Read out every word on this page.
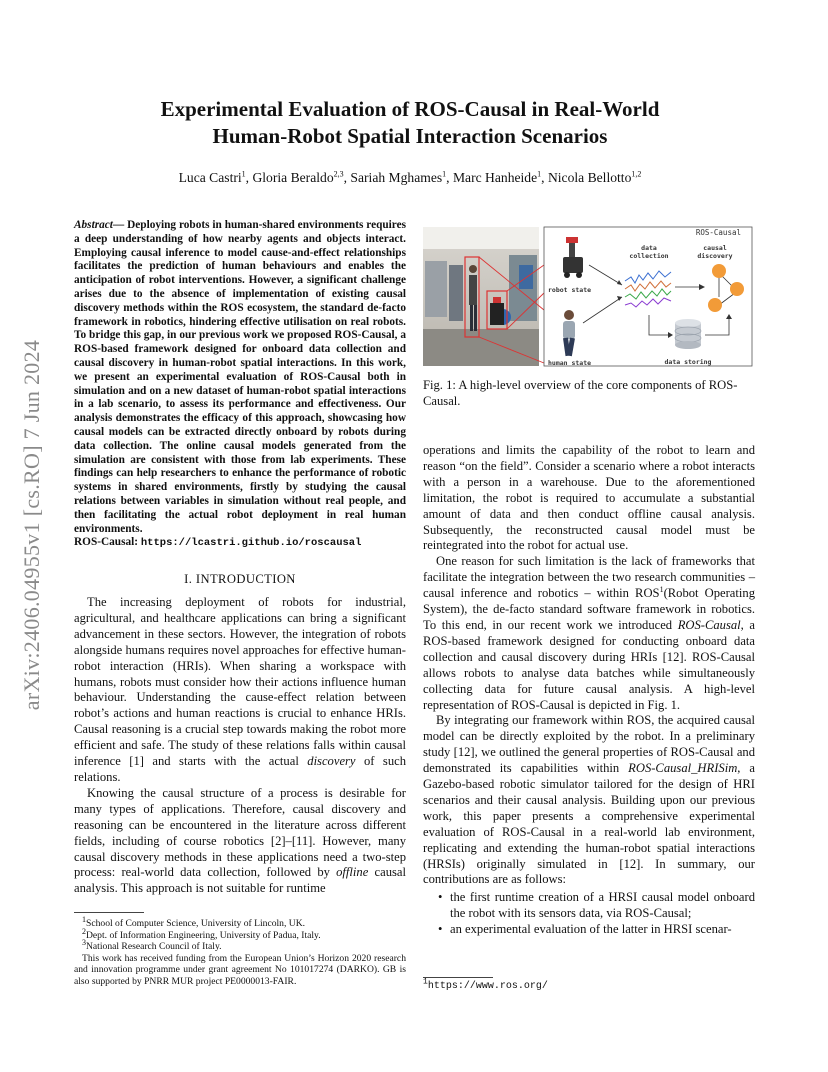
arXiv:2406.04955v1 [cs.RO] 7 Jun 2024
Experimental Evaluation of ROS-Causal in Real-World
Human-Robot Spatial Interaction Scenarios
Luca Castri$^1$, Gloria Beraldo$^{2,3}$, Sariah Mghames$^1$, Marc Hanheide$^1$, Nicola Bellotto$^{1,2}$
Abstract— Deploying robots in human-shared environments requires a deep understanding of how nearby agents and objects interact. Employing causal inference to model cause-and-effect relationships facilitates the prediction of human behaviours and enables the anticipation of robot interventions. However, a significant challenge arises due to the absence of implementation of existing causal discovery methods within the ROS ecosystem, the standard de-facto framework in robotics, hindering effective utilisation on real robots. To bridge this gap, in our previous work we proposed ROS-Causal, a ROS-based framework designed for onboard data collection and causal discovery in human-robot spatial interactions. In this work, we present an experimental evaluation of ROS-Causal both in simulation and on a new dataset of human-robot spatial interactions in a lab scenario, to assess its performance and effectiveness. Our analysis demonstrates the efficacy of this approach, showcasing how causal models can be extracted directly onboard by robots during data collection. The online causal models generated from the simulation are consistent with those from lab experiments. These findings can help researchers to enhance the performance of robotic systems in shared environments, firstly by studying the causal relations between variables in simulation without real people, and then facilitating the actual robot deployment in real human environments.
ROS-Causal: https://lcastri.github.io/roscausal
I. INTRODUCTION

The increasing deployment of robots for industrial, agricultural, and healthcare applications can bring a significant advancement in these sectors. However, the integration of robots alongside humans requires novel approaches for effective human-robot interaction (HRIs). When sharing a workspace with humans, robots must consider how their actions influence human behaviour. Understanding the cause-effect relation between robot’s actions and human reactions is crucial to enhance HRIs. Causal reasoning is a crucial step towards making the robot more efficient and safe. The study of these relations falls within causal inference [1] and starts with the actual discovery of such relations.

Knowing the causal structure of a process is desirable for many types of applications. Therefore, causal discovery and reasoning can be encountered in the literature across different fields, including of course robotics [2]–[11]. However, many causal discovery methods in these applications need a two-step process: real-world data collection, followed by offline causal analysis. This approach is not suitable for runtime

$^1$School of Computer Science, University of Lincoln, UK.

$^2$Dept. of Information Engineering, University of Padua, Italy.

$^3$National Research Council of Italy.

This work has received funding from the European Union’s Horizon 2020 research and innovation programme under grant agreement No 101017274 (DARKO). GB is also supported by PNRR MUR project PE0000013-FAIR.

ROS-Causal
robot state
human state
data
collection
causal
discovery
data storing
Fig. 1: A high-level overview of the core components of ROS-Causal.

operations and limits the capability of the robot to learn and reason “on the field”. Consider a scenario where a robot interacts with a person in a warehouse. Due to the aforementioned limitation, the robot is required to accumulate a substantial amount of data and then conduct offline causal analysis. Subsequently, the reconstructed causal model must be reintegrated into the robot for actual use.

One reason for such limitation is the lack of frameworks that facilitate the integration between the two research communities – causal inference and robotics – within ROS$^1$(Robot Operating System), the de-facto standard software framework in robotics. To this end, in our recent work we introduced ROS-Causal, a ROS-based framework designed for conducting onboard data collection and causal discovery during HRIs [12]. ROS-Causal allows robots to analyse data batches while simultaneously collecting data for future causal analysis. A high-level representation of ROS-Causal is depicted in Fig. 1.

By integrating our framework within ROS, the acquired causal model can be directly exploited by the robot. In a preliminary study [12], we outlined the general properties of ROS-Causal and demonstrated its capabilities within ROS-Causal_HRISim, a Gazebo-based robotic simulator tailored for the design of HRI scenarios and their causal analysis. Building upon our previous work, this paper presents a comprehensive experimental evaluation of ROS-Causal in a real-world lab environment, replicating and extending the human-robot spatial interactions (HRSIs) originally simulated in [12]. In summary, our contributions are as follows:

• the first runtime creation of a HRSI causal model onboard the robot with its sensors data, via ROS-Causal;
• an experimental evaluation of the latter in HRSI scenar-
$^1$https://www.ros.org/
